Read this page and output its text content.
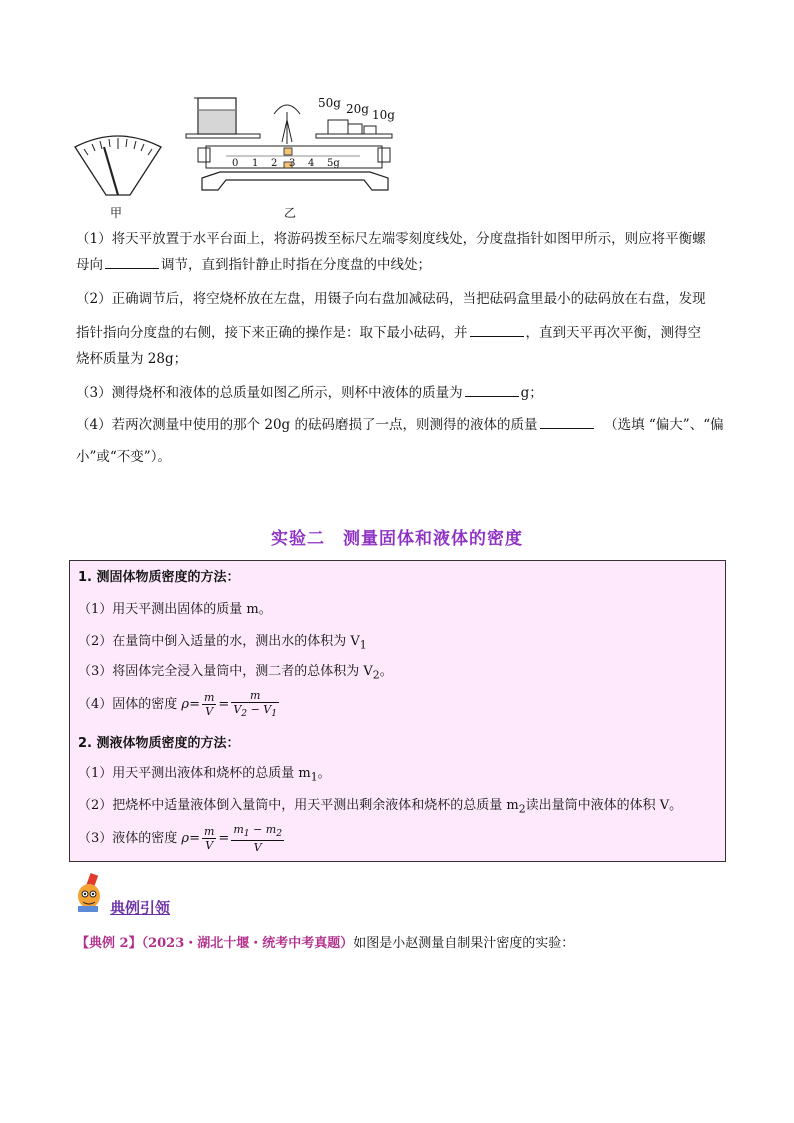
甲
50g 20g 10g
0 1 2 3 4 5g
乙
（1）将天平放置于水平台面上，将游码拨至标尺左端零刻度线处，分度盘指针如图甲所示，则应将平衡螺
母向	调节，直到指针静止时指在分度盘的中线处；
（2）正确调节后，将空烧杯放在左盘，用镊子向右盘加减砝码，当把砝码盒里最小的砝码放在右盘，发现
指针指向分度盘的右侧，接下来正确的操作是：取下最小砝码，并	，直到天平再次平衡，测得空
烧杯质量为 28g；
（3）测得烧杯和液体的总质量如图乙所示，则杯中液体的质量为	g；
（4）若两次测量中使用的那个 20g 的砝码磨损了一点，则测得的液体的质量	（选填 “偏大”、“偏
小”或“不变”）。
实验二　测量固体和液体的密度
1. 测固体物质密度的方法：
（1）用天平测出固体的质量 m。
（2）在量筒中倒入适量的水，测出水的体积为 $V_1$
（3）将固体完全浸入量筒中，测二者的总体积为 $V_2$。
（4）固体的密度 $\rho= \frac{m}{V} = \frac{m}{V_2 - V_1}$
2. 测液体物质密度的方法：
（1）用天平测出液体和烧杯的总质量 $m_1$。
（2）把烧杯中适量液体倒入量筒中，用天平测出剩余液体和烧杯的总质量 $m_2$读出量筒中液体的体积 V。
（3）液体的密度 $\rho= \frac{m}{V} = \frac{m_1 - m_2}{V}$
典例引领
【典例 2】（2023・湖北十堰・统考中考真题）如图是小赵测量自制果汁密度的实验：
